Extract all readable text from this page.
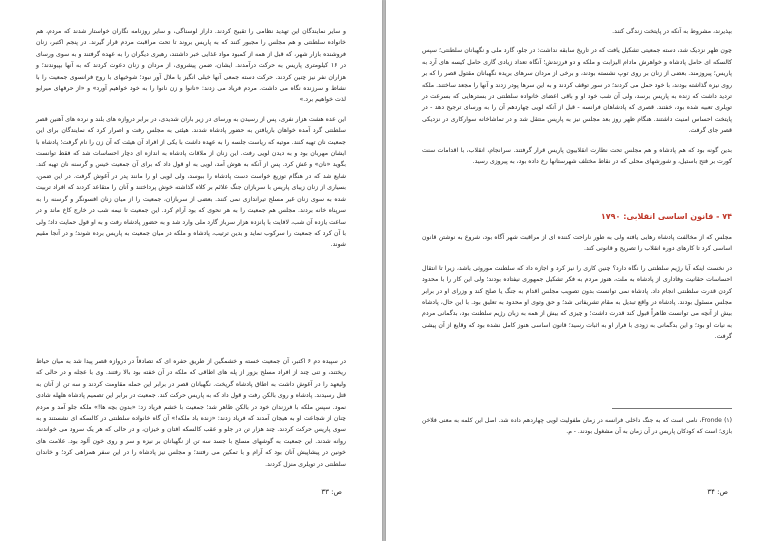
و سایر نمایندگان این تهدید نظامی را تقبیح کردند. داراز لوسناگی، و سایر روزنامه نگاران خواستار شدند که مردم، هم خانواده سلطنتی و هم مجلس را مجبور کنند که به پاریس بروند تا تحت مراقبت مردم قرار گیرند. در پنجم اکتبر، زنان فروشنده بازار شهر، که قبل از همه از کمبود مواد غذایی خبر داشتند، رهبری دیگران را به عهده گرفتند و به سوی ورسای در ۱۶ کیلومتری پاریس به حرکت درآمدند. ایشان، ضمن پیشروی، از مردان و زنان دعوت کردند که به آنها بپیوندند؛ و هزاران نفر نیز چنین کردند. حرکت دسته جمعی آنها خیلی انگیز یا ملال آور نبود؛ شوخیهای با روح فرانسوی جمعیت را با نشاط و سرزنده نگاه می داشت. مردم فریاد می زدند: «نانوا و زن نانوا را به خود خواهیم آورد» و «از حرفهای میرابو لذت خواهیم برد.»

این عده هشت هزار نفری، پس از رسیدن به ورسای در زیر باران شدیدی، در برابر دروازه های بلند و نرده های آهنین قصر سلطنتی گرد آمده خواهان باریافتن به حضور پادشاه شدند. هیئتی به مجلس رفت و اصرار کرد که نمایندگان برای این جمعیت نان تهیه کنند. موتیه که ریاست جلسه را به عهده داشت با یکی از افراد آن هیئت که آن زن را نام گرفت؛ پادشاه با ایشان مهربان بود و به دیدن لویی رفت. این زنان از ملاقات پادشاه به اندازه ای دچار احساسات شد که فقط توانست بگوید «نان» و غش کرد. پس از آنکه به هوش آمد، لویی به او قول داد که برای آن جمعیت خیس و گرسنه نان تهیه کند. شایع شد که در هنگام توزیع خواست دست پادشاه را ببوسد، ولی لویی او را مانند پدر در آغوش گرفت. در این ضمن، بسیاری از زنان زیبای پاریس با سربازان جنگ علائم بر کلاه گذاشته خوش پرداختند و آنان را متقاعد کردند که افراد تربیت شده به سوی زنان غیر مسلح تیراندازی نمی کنند. بعضی از سربازان، جمعیت را از میان زنان افسونگر و گرسنه را به سرپناه خانه بردند. مجلس هم جمعیت را به هر نحوی که بود آرام کرد. این جمعیت تا نیمه شب در خارج کاخ ماند و در ساعت یازده آن شب، لافایت با پانزده هزار سرباز گارد ملی وارد شد و به حضور پادشاه رفت و به او قول حمایت داد؛ ولی با آن کرد که جمعیت را سرکوب نماید و بدین ترتیب، پادشاه و ملکه در میان جمعیت به پاریس برده شوند؛ و در آنجا مقیم شوند.

در سپیده دم ۶ اکتبر، آن جمعیت خسته و خشمگین از طریق حفره ای که تصادفاً در دروازه قصر پیدا شد به میان حیاط ریختند، و تنی چند از افراد مسلح بزور از پله های اطاقی که ملکه در آن خفته بود بالا رفتند. وی با عجله و در حالی که ولیعهد را در آغوش داشت به اطاق پادشاه گریخت. نگهبانان قصر در برابر این حمله مقاومت کردند و سه تن از آنان به قتل رسیدند. پادشاه و روی بالکن رفت و قول داد که به پاریس حرکت کند. جمعیت در برابر این تصمیم پادشاه هلهله شادی نمود. سپس ملکه با فرزندان خود در بالکن ظاهر شد؛ جمعیت با خشم فریاد زد: «بدون بچه ها!» ملکه جلو آمد و مردم چنان از شجاعت او به هیجان آمدند که فریاد زدند: «زنده باد ملکه!» آن گاه خانواده سلطنتی در کالسکه ای نشستند و به سوی پاریس حرکت کردند. چند هزار تن در جلو و عقب کالسکه افتان و خیزان، و در حالی که هر یک سرود می خواندند، روانه شدند. این جمعیت به گوشهای مسلح با جسد سه تن از نگهبانان بر نیزه و سر و روی خون آلود بود. علامت های خونین در پیشاپیش آنان بود که آرام و با تمکین می رفتند؛ و مجلس نیز پادشاه را در این سفر همراهی کرد؛ و خاندان سلطنتی در تویلری منزل کردند.

ص: ۳۳

بپذیرند، مشروط به آنکه در پایتخت زندگی کنند.

چون ظهر نزدیک شد، دسته جمعیتی تشکیل یافت که در تاریخ سابقه نداشت: در جلو، گارد ملی و نگهبانان سلطنتی؛ سپس کالسکه ای حامل پادشاه و خواهرش مادام الیزابت و ملکه و دو فرزندش؛ آنگاه تعداد زیادی گاری حامل کیسه های آرد به پاریس؛ پیروزمند. بعضی از زنان بر روی توپ نشسته بودند، و برخی از مردان سرهای بریده نگهبانان مقتول قصر را که بر روی نیزه گذاشته بودند، با خود حمل می کردند؛ در سور توقف کردند و به این سرها پودر زدند و آنها را مجعد ساختند. ملکه تردید داشت که زنده به پاریس برسد، ولی آن شب خود او و باقی اعضای خانواده سلطنتی در بسترهایی که بسرعت در تویلری تعبیه شده بود، خفتند. قصری که پادشاهان فرانسه - قبل از آنکه لویی چهاردهم آن را به ورسای ترجیح دهد - در پایتخت احساس امنیت داشتند. هنگام ظهر روز بعد مجلس نیز به پاریس منتقل شد و در تماشاخانه سوارکاری در نزدیکی قصر جای گرفت.

بدین گونه بود که هم پادشاه و هم مجلس تحت نظارت انقلابیون پاریس قرار گرفتند. سرانجام، انقلاب، با اقدامات سنت کورت بر فتح باستیل، و شورشهای محلی که در نقاط مختلف شهرستانها رخ داده بود، به پیروزی رسید.

۷۴ - قانون اساسی انقلابی: ۱۷۹۰

مجلس که از مخالفت پادشاه رهایی یافته ولی به طور ناراحت کننده ای از مراقبت شهر آگاه بود، شروع به نوشتن قانون اساسی کرد تا کارهای دوره انقلاب را تصریح و قانونی کند.

در نخست اینکه آیا رژیم سلطنتی را نگاه دارد؟ چنین کاری را نیز کرد و اجازه داد که سلطنت موروثی باشد، زیرا تا انتقال احساسات حقانیت وفاداری از پادشاه به ملت، هنوز مردم به فکر تشکیل جمهوری نیفتاده بودند؛ ولی این کار را با محدود کردن قدرت سلطنتی انجام داد. پادشاه نمی توانست بدون تصویب مجلس اقدام به جنگ یا صلح کند و وزرای او در برابر مجلس مسئول بودند. پادشاه در واقع تبدیل به مقام تشریفاتی شد؛ و حق وتوی او محدود به تعلیق بود. با این حال، پادشاه بیش از آنچه می توانست ظاهراً قبول کند قدرت داشت؛ و چیزی که بیش از همه به زبان رژیم سلطنت بود، بدگمانی مردم به نیات او بود؛ و این بدگمانی به زودی با فرار او به اثبات رسید؛ قانون اساسی هنوز کامل نشده بود که وقایع از آن پیشی گرفت.

(۱) Fronde، نامی است که به جنگ داخلی فرانسه در زمان طفولیت لویی چهاردهم داده شد. اصل این کلمه به معنی فلاخن بازی؛ است که کودکان پاریس در آن زمان به آن مشغول بودند. - م.
ص: ۳۴
